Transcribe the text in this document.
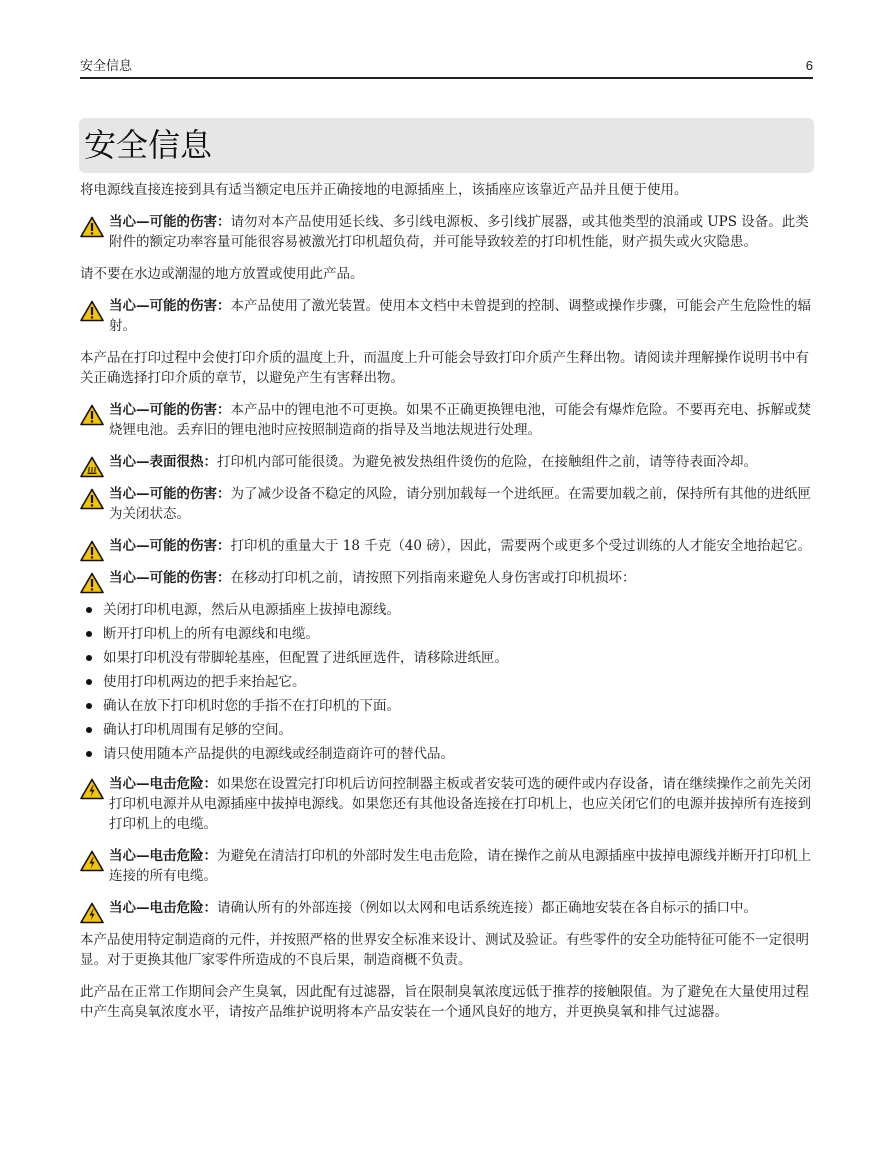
安全信息	6
安全信息

将电源线直接连接到具有适当额定电压并正确接地的电源插座上，该插座应该靠近产品并且便于使用。

当心—可能的伤害：请勿对本产品使用延长线、多引线电源板、多引线扩展器，或其他类型的浪涌或 UPS 设备。此类附件的额定功率容量可能很容易被激光打印机超负荷，并可能导致较差的打印机性能，财产损失或火灾隐患。

请不要在水边或潮湿的地方放置或使用此产品。

当心—可能的伤害：本产品使用了激光装置。使用本文档中未曾提到的控制、调整或操作步骤，可能会产生危险性的辐射。

本产品在打印过程中会使打印介质的温度上升，而温度上升可能会导致打印介质产生释出物。请阅读并理解操作说明书中有关正确选择打印介质的章节，以避免产生有害释出物。

当心—可能的伤害：本产品中的锂电池不可更换。如果不正确更换锂电池，可能会有爆炸危险。不要再充电、拆解或焚烧锂电池。丢弃旧的锂电池时应按照制造商的指导及当地法规进行处理。
当心—表面很热：打印机内部可能很烫。为避免被发热组件烫伤的危险，在接触组件之前，请等待表面冷却。
当心—可能的伤害：为了减少设备不稳定的风险，请分别加载每一个进纸匣。在需要加载之前，保持所有其他的进纸匣为关闭状态。
当心—可能的伤害：打印机的重量大于 18 千克（40 磅），因此，需要两个或更多个受过训练的人才能安全地抬起它。
当心—可能的伤害：在移动打印机之前，请按照下列指南来避免人身伤害或打印机损坏：
关闭打印机电源，然后从电源插座上拔掉电源线。
断开打印机上的所有电源线和电缆。
如果打印机没有带脚轮基座，但配置了进纸匣选件，请移除进纸匣。
使用打印机两边的把手来抬起它。
确认在放下打印机时您的手指不在打印机的下面。
确认打印机周围有足够的空间。
请只使用随本产品提供的电源线或经制造商许可的替代品。
当心—电击危险：如果您在设置完打印机后访问控制器主板或者安装可选的硬件或内存设备，请在继续操作之前先关闭打印机电源并从电源插座中拔掉电源线。如果您还有其他设备连接在打印机上，也应关闭它们的电源并拔掉所有连接到打印机上的电缆。
当心—电击危险：为避免在清洁打印机的外部时发生电击危险，请在操作之前从电源插座中拔掉电源线并断开打印机上连接的所有电缆。
当心—电击危险：请确认所有的外部连接（例如以太网和电话系统连接）都正确地安装在各自标示的插口中。

本产品使用特定制造商的元件，并按照严格的世界安全标准来设计、测试及验证。有些零件的安全功能特征可能不一定很明显。对于更换其他厂家零件所造成的不良后果，制造商概不负责。

此产品在正常工作期间会产生臭氧，因此配有过滤器，旨在限制臭氧浓度远低于推荐的接触限值。为了避免在大量使用过程中产生高臭氧浓度水平，请按产品维护说明将本产品安装在一个通风良好的地方，并更换臭氧和排气过滤器。
